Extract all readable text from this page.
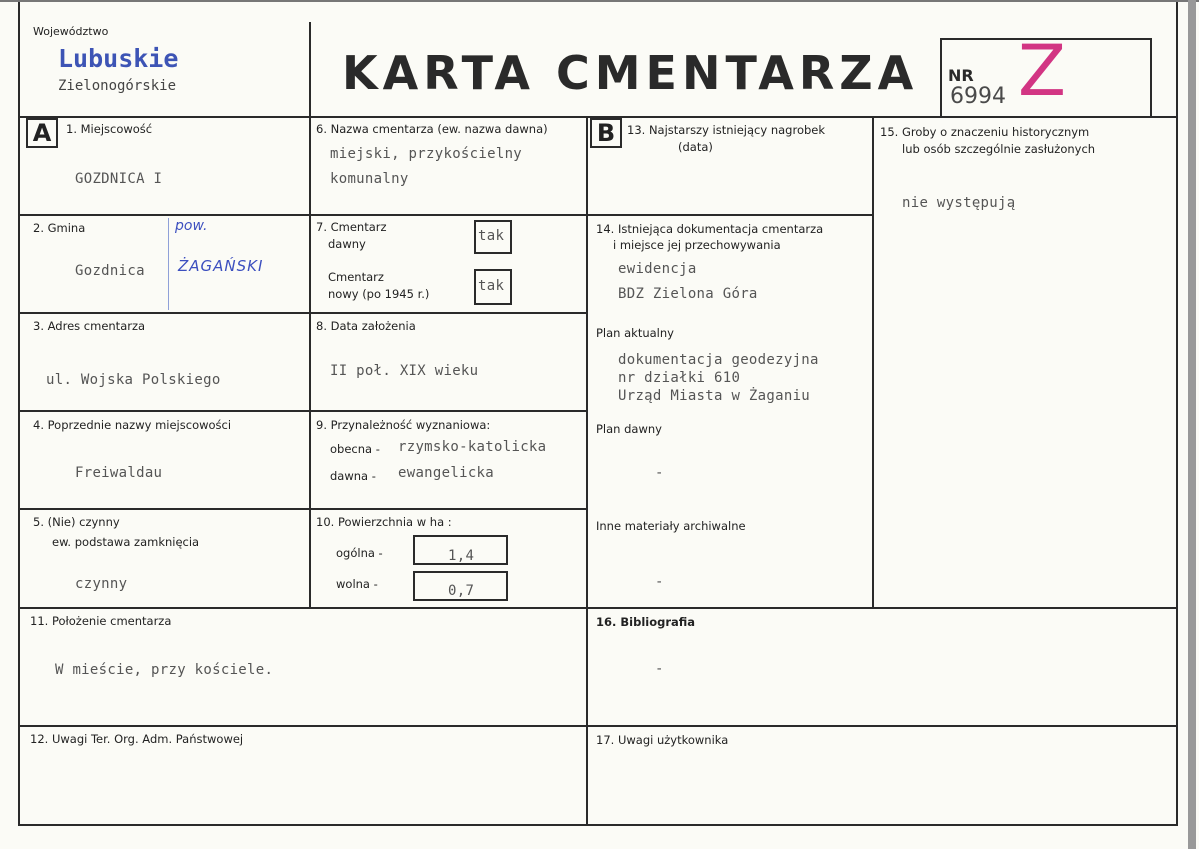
Województwo
Lubuskie
Zielonogórskie	KARTA CMENTARZA NR
6994 Z
A	B
1. Miejscowość
GOZDNICA I
2. Gmina
Gozdnica
pow.
ŻAGAŃSKI
3. Adres cmentarza
ul. Wojska Polskiego
4. Poprzednie nazwy miejscowości
Freiwaldau
5. (Nie) czynny
ew. podstawa zamknięcia
czynny
6. Nazwa cmentarza (ew. nazwa dawna)
miejski, przykościelny
komunalny
7. Cmentarz
dawny	tak
Cmentarz
nowy (po 1945 r.)	tak
8. Data założenia
II poł. XIX wieku
9. Przynależność wyznaniowa:
obecna - rzymsko-katolicka
dawna - ewangelicka
10. Powierzchnia w ha :
ogólna -	1,4
wolna -	0,7
11. Położenie cmentarza
W mieście, przy kościele.
12. Uwagi Ter. Org. Adm. Państwowej
13. Najstarszy istniejący nagrobek
(data)
14. Istniejąca dokumentacja cmentarza
i miejsce jej przechowywania
ewidencja
BDZ Zielona Góra
Plan aktualny
dokumentacja geodezyjna
nr działki 610
Urząd Miasta w Żaganiu
Plan dawny
-
Inne materiały archiwalne
-
15. Groby o znaczeniu historycznym
lub osób szczególnie zasłużonych
nie występują
16. Bibliografia
-
17. Uwagi użytkownika
